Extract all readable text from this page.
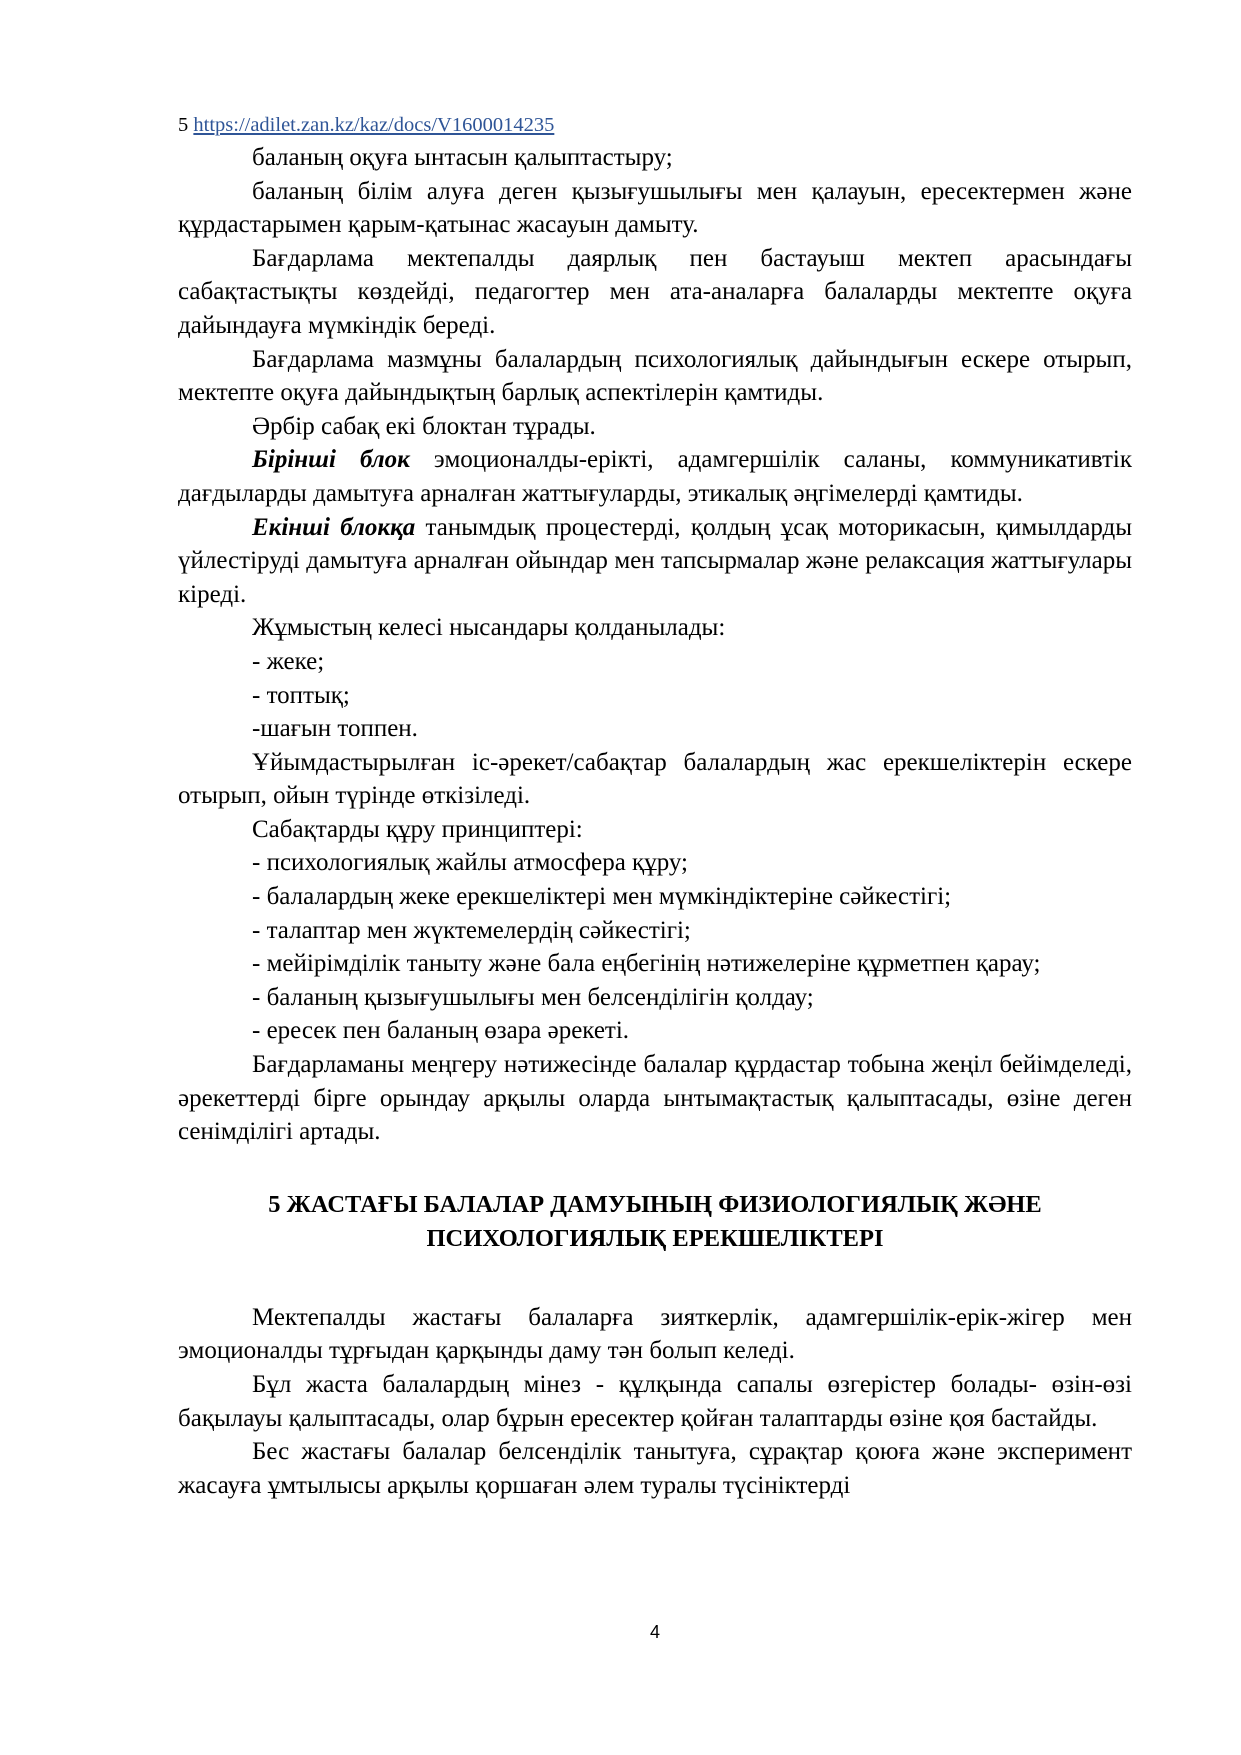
5 https://adilet.zan.kz/kaz/docs/V1600014235

баланың оқуға ынтасын қалыптастыру;

баланың білім алуға деген қызығушылығы мен қалауын, ересектермен және құрдастарымен қарым-қатынас жасауын дамыту.

Бағдарлама мектепалды даярлық пен бастауыш мектеп арасындағы сабақтастықты көздейді, педагогтер мен ата-аналарға балаларды мектепте оқуға дайындауға мүмкіндік береді.

Бағдарлама мазмұны балалардың психологиялық дайындығын ескере отырып, мектепте оқуға дайындықтың барлық аспектілерін қамтиды.

Әрбір сабақ екі блоктан тұрады.

Бірінші блок эмоционалды-ерікті, адамгершілік саланы, коммуникативтік дағдыларды дамытуға арналған жаттығуларды, этикалық әңгімелерді қамтиды.

Екінші блокқа танымдық процестерді, қолдың ұсақ моторикасын, қимылдарды үйлестіруді дамытуға арналған ойындар мен тапсырмалар және релаксация жаттығулары кіреді.

Жұмыстың келесі нысандары қолданылады:

- жеке;

- топтық;

-шағын топпен.

Ұйымдастырылған іс-әрекет/сабақтар балалардың жас ерекшеліктерін ескере отырып, ойын түрінде өткізіледі.

Сабақтарды құру принциптері:

- психологиялық жайлы атмосфера құру;

- балалардың жеке ерекшеліктері мен мүмкіндіктеріне сәйкестігі;

- талаптар мен жүктемелердің сәйкестігі;

- мейірімділік таныту және бала еңбегінің нәтижелеріне құрметпен қарау;

- баланың қызығушылығы мен белсенділігін қолдау;

- ересек пен баланың өзара әрекеті.

Бағдарламаны меңгеру нәтижесінде балалар құрдастар тобына жеңіл бейімделеді, әрекеттерді бірге орындау арқылы оларда ынтымақтастық қалыптасады, өзіне деген сенімділігі артады.

5 ЖАСТАҒЫ БАЛАЛАР ДАМУЫНЫҢ ФИЗИОЛОГИЯЛЫҚ ЖӘНЕ
ПСИХОЛОГИЯЛЫҚ ЕРЕКШЕЛІКТЕРІ

Мектепалды жастағы балаларға зияткерлік, адамгершілік-ерік-жігер мен эмоционалды тұрғыдан қарқынды даму тән болып келеді.

Бұл жаста балалардың мінез - құлқында сапалы өзгерістер болады- өзін-өзі бақылауы қалыптасады, олар бұрын ересектер қойған талаптарды өзіне қоя бастайды.

Бес жастағы балалар белсенділік танытуға, сұрақтар қоюға және эксперимент жасауға ұмтылысы арқылы қоршаған әлем туралы түсініктерді

4
